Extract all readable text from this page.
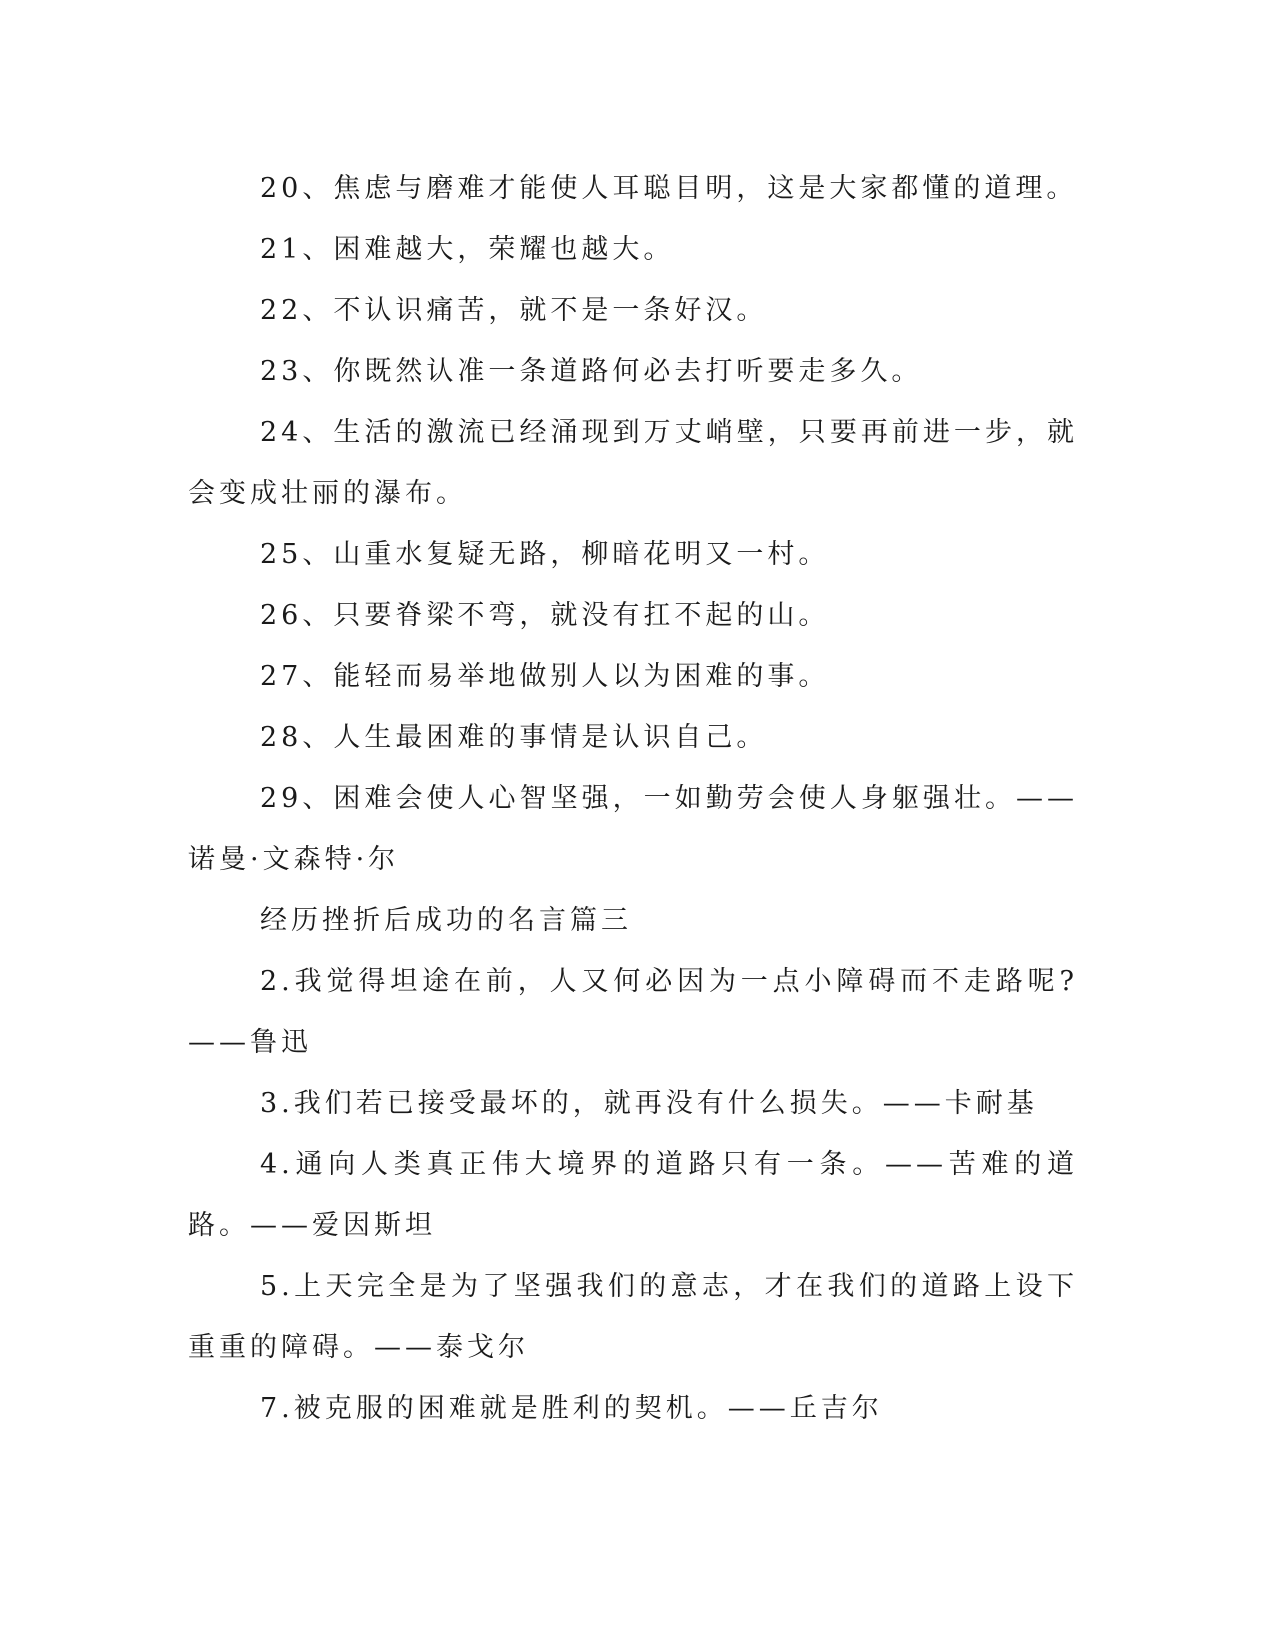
20、焦虑与磨难才能使人耳聪目明，这是大家都懂的道理。

21、困难越大，荣耀也越大。

22、不认识痛苦，就不是一条好汉。

23、你既然认准一条道路何必去打听要走多久。

24、生活的激流已经涌现到万丈峭壁，只要再前进一步，就会变成壮丽的瀑布。

25、山重水复疑无路，柳暗花明又一村。

26、只要脊梁不弯，就没有扛不起的山。

27、能轻而易举地做别人以为困难的事。

28、人生最困难的事情是认识自己。

29、困难会使人心智坚强，一如勤劳会使人身躯强壮。——诺曼·文森特·尔

经历挫折后成功的名言篇三

2.我觉得坦途在前，人又何必因为一点小障碍而不走路呢?——鲁迅

3.我们若已接受最坏的，就再没有什么损失。——卡耐基

4.通向人类真正伟大境界的道路只有一条。——苦难的道路。——爱因斯坦

5.上天完全是为了坚强我们的意志，才在我们的道路上设下重重的障碍。——泰戈尔

7.被克服的困难就是胜利的契机。——丘吉尔
